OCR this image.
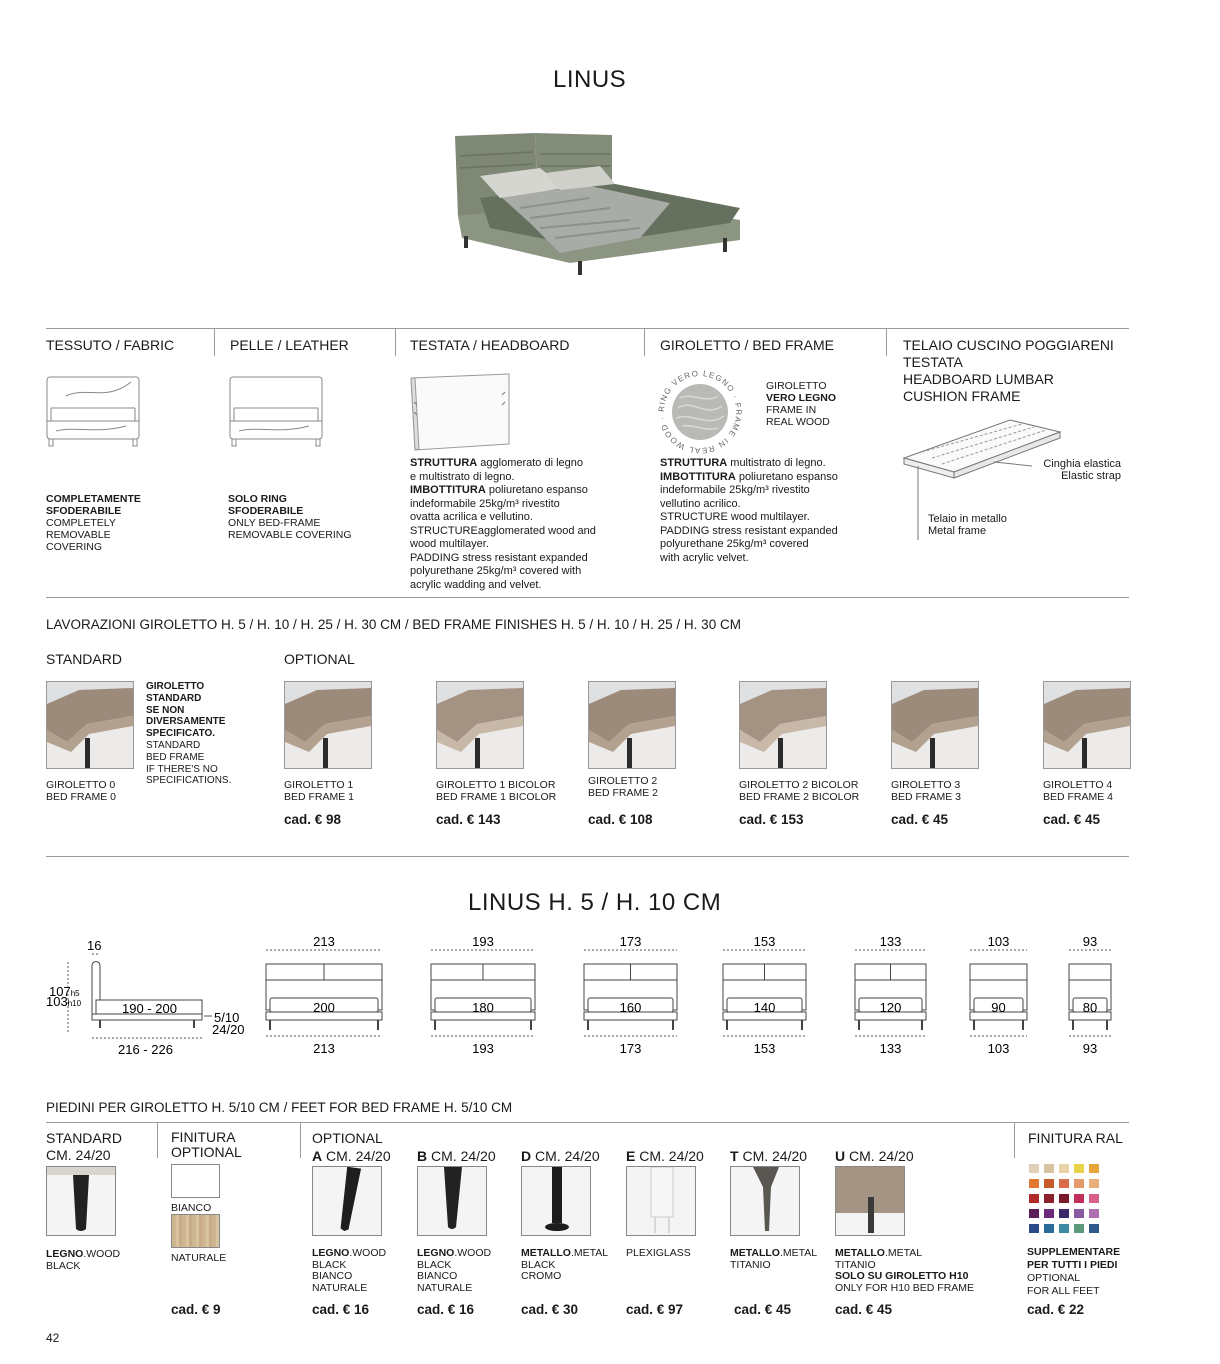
LINUS
TESSUTO / FABRIC
COMPLETAMENTE
SFODERABILE
COMPLETELY
REMOVABLE
COVERING
PELLE / LEATHER
SOLO RING
SFODERABILE
ONLY BED-FRAME
REMOVABLE COVERING
TESTATA / HEADBOARD
STRUTTURA agglomerato di legno
e multistrato di legno.
IMBOTTITURA poliuretano espanso
indeformabile 25kg/m³ rivestito
ovatta acrilica e vellutino.
STRUCTUREagglomerated wood and
wood multilayer.
PADDING stress resistant expanded
polyurethane 25kg/m³ covered with
acrylic wadding and velvet.
GIROLETTO / BED FRAME
RING VERO LEGNO · FRAME IN REAL WOOD ·
GIROLETTO
VERO LEGNO
FRAME IN
REAL WOOD
STRUTTURA multistrato di legno.
IMBOTTITURA poliuretano espanso
indeformabile 25kg/m³ rivestito
vellutino acrilico.
STRUCTURE wood multilayer.
PADDING stress resistant expanded
polyurethane 25kg/m³ covered
with acrylic velvet.
TELAIO CUSCINO POGGIARENI
TESTATA
HEADBOARD LUMBAR
CUSHION FRAME
Cinghia elastica
Elastic strap
Telaio in metallo
Metal frame
LAVORAZIONI GIROLETTO H. 5 / H. 10 / H. 25 / H. 30 CM / BED FRAME FINISHES H. 5 / H. 10 / H. 25 / H. 30 CM
STANDARD	OPTIONAL
GIROLETTO
STANDARD
SE NON
DIVERSAMENTE
SPECIFICATO.
STANDARD
BED FRAME
IF THERE'S NO
SPECIFICATIONS.
GIROLETTO 0
BED FRAME 0
GIROLETTO 1
BED FRAME 1
cad. € 98
GIROLETTO 1 BICOLOR
BED FRAME 1 BICOLOR
cad. € 143
GIROLETTO 2
BED FRAME 2
cad. € 108
GIROLETTO 2 BICOLOR
BED FRAME 2 BICOLOR
cad. € 153
GIROLETTO 3
BED FRAME 3
cad. € 45
GIROLETTO 4
BED FRAME 4
cad. € 45
LINUS H. 5 / H. 10 CM
16
107h5
103h10	190 - 200
216 - 226
5/10
24/20
213
200
213
193
180
193
173
160
173
153
140
153
133
120
133
103
90
103
93
80
93
PIEDINI PER GIROLETTO H. 5/10 CM / FEET FOR BED FRAME H. 5/10 CM
STANDARD
CM. 24/20
LEGNO.WOOD
BLACK
cad. € 9
FINITURA
OPTIONAL
BIANCO
NATURALE
OPTIONAL
A CM. 24/20
LEGNO.WOOD
BLACK
BIANCO
NATURALE
cad. € 16
B CM. 24/20
LEGNO.WOOD
BLACK
BIANCO
NATURALE
cad. € 16
D CM. 24/20
METALLO.METAL
BLACK
CROMO
cad. € 30
E CM. 24/20
PLEXIGLASS
cad. € 97
T CM. 24/20
METALLO.METAL
TITANIO
cad. € 45
U CM. 24/20
METALLO.METAL
TITANIO
SOLO SU GIROLETTO H10
ONLY FOR H10 BED FRAME
cad. € 45
FINITURA RAL
SUPPLEMENTARE
PER TUTTI I PIEDI
OPTIONAL
FOR ALL FEET
cad. € 22
42
